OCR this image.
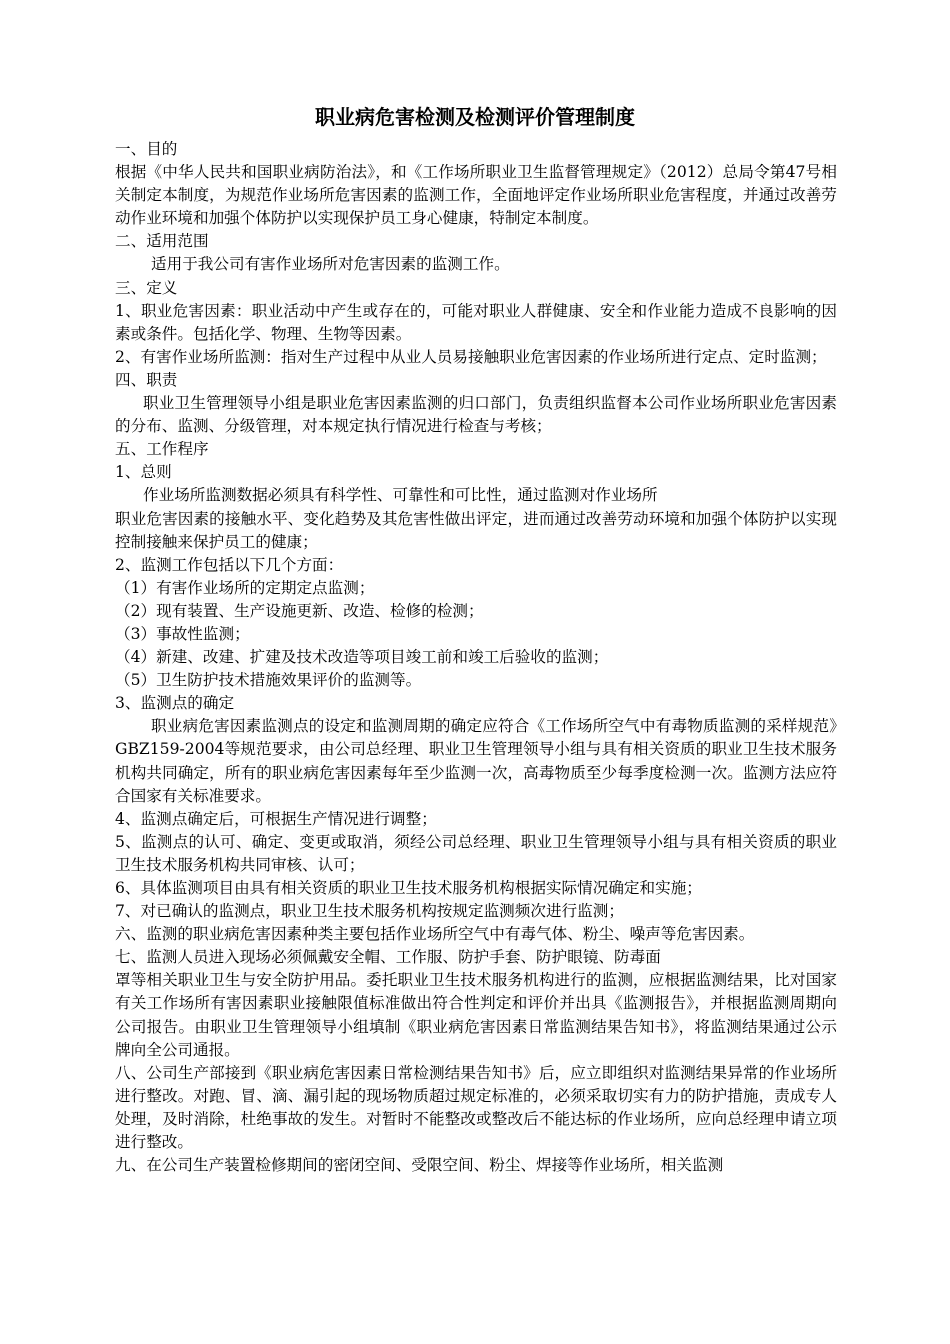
职业病危害检测及检测评价管理制度

一、目的

根据《中华人民共和国职业病防治法》，和《工作场所职业卫生监督管理规定》（2012）总局令第47号相关制定本制度，为规范作业场所危害因素的监测工作，全面地评定作业场所职业危害程度，并通过改善劳动作业环境和加强个体防护以实现保护员工身心健康，特制定本制度。

二、适用范围

适用于我公司有害作业场所对危害因素的监测工作。

三、定义

1、职业危害因素：职业活动中产生或存在的，可能对职业人群健康、安全和作业能力造成不良影响的因素或条件。包括化学、物理、生物等因素。

2、有害作业场所监测：指对生产过程中从业人员易接触职业危害因素的作业场所进行定点、定时监测；

四、职责

职业卫生管理领导小组是职业危害因素监测的归口部门，负责组织监督本公司作业场所职业危害因素的分布、监测、分级管理，对本规定执行情况进行检查与考核；

五、工作程序

1、总则

作业场所监测数据必须具有科学性、可靠性和可比性，通过监测对作业场所

职业危害因素的接触水平、变化趋势及其危害性做出评定，进而通过改善劳动环境和加强个体防护以实现控制接触来保护员工的健康；

2、监测工作包括以下几个方面：

（1）有害作业场所的定期定点监测；

（2）现有装置、生产设施更新、改造、检修的检测；

（3）事故性监测；

（4）新建、改建、扩建及技术改造等项目竣工前和竣工后验收的监测；

（5）卫生防护技术措施效果评价的监测等。

3、监测点的确定

职业病危害因素监测点的设定和监测周期的确定应符合《工作场所空气中有毒物质监测的采样规范》GBZ159-2004等规范要求，由公司总经理、职业卫生管理领导小组与具有相关资质的职业卫生技术服务机构共同确定，所有的职业病危害因素每年至少监测一次，高毒物质至少每季度检测一次。监测方法应符合国家有关标准要求。

4、监测点确定后，可根据生产情况进行调整；

5、监测点的认可、确定、变更或取消，须经公司总经理、职业卫生管理领导小组与具有相关资质的职业卫生技术服务机构共同审核、认可；

6、具体监测项目由具有相关资质的职业卫生技术服务机构根据实际情况确定和实施；

7、对已确认的监测点，职业卫生技术服务机构按规定监测频次进行监测；

六、监测的职业病危害因素种类主要包括作业场所空气中有毒气体、粉尘、噪声等危害因素。

七、监测人员进入现场必须佩戴安全帽、工作服、防护手套、防护眼镜、防毒面

罩等相关职业卫生与安全防护用品。委托职业卫生技术服务机构进行的监测，应根据监测结果，比对国家有关工作场所有害因素职业接触限值标准做出符合性判定和评价并出具《监测报告》，并根据监测周期向公司报告。由职业卫生管理领导小组填制《职业病危害因素日常监测结果告知书》，将监测结果通过公示牌向全公司通报。

八、公司生产部接到《职业病危害因素日常检测结果告知书》后，应立即组织对监测结果异常的作业场所进行整改。对跑、冒、滴、漏引起的现场物质超过规定标准的，必须采取切实有力的防护措施，责成专人处理，及时消除，杜绝事故的发生。对暂时不能整改或整改后不能达标的作业场所，应向总经理申请立项进行整改。

九、在公司生产装置检修期间的密闭空间、受限空间、粉尘、焊接等作业场所，相关监测
